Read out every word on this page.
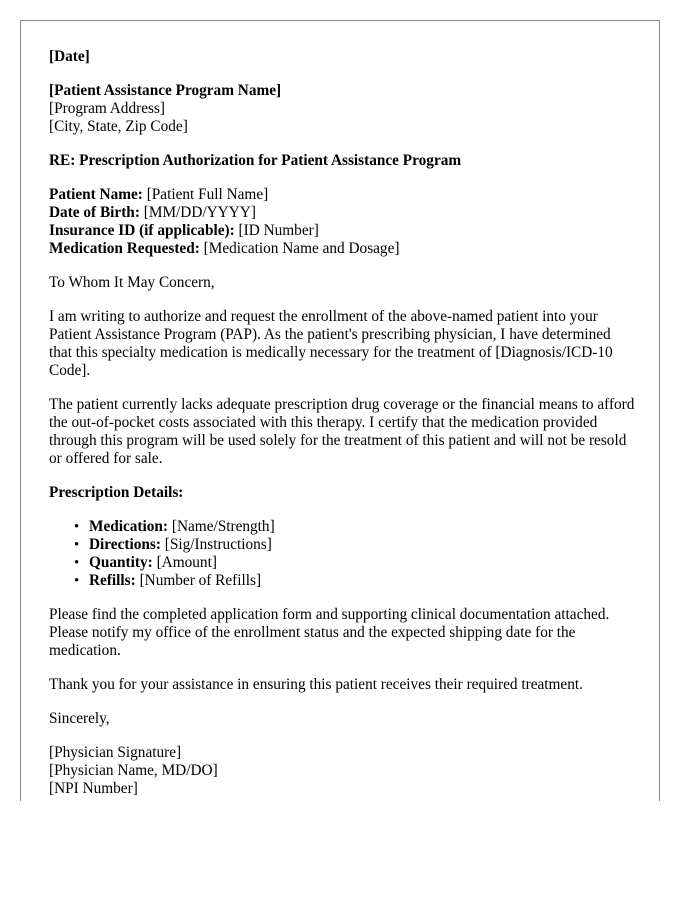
[Date]
[Patient Assistance Program Name]
[Program Address]
[City, State, Zip Code]
RE: Prescription Authorization for Patient Assistance Program
Patient Name: [Patient Full Name]
Date of Birth: [MM/DD/YYYY]
Insurance ID (if applicable): [ID Number]
Medication Requested: [Medication Name and Dosage]

To Whom It May Concern,

I am writing to authorize and request the enrollment of the above-named patient into your Patient Assistance Program (PAP). As the patient's prescribing physician, I have determined that this specialty medication is medically necessary for the treatment of [Diagnosis/ICD-10 Code].

The patient currently lacks adequate prescription drug coverage or the financial means to afford the out-of-pocket costs associated with this therapy. I certify that the medication provided through this program will be used solely for the treatment of this patient and will not be resold or offered for sale.

Prescription Details:
• Medication: [Name/Strength]
• Directions: [Sig/Instructions]
• Quantity: [Amount]
• Refills: [Number of Refills]

Please find the completed application form and supporting clinical documentation attached. Please notify my office of the enrollment status and the expected shipping date for the medication.

Thank you for your assistance in ensuring this patient receives their required treatment.

Sincerely,

[Physician Signature]
[Physician Name, MD/DO]
[NPI Number]
